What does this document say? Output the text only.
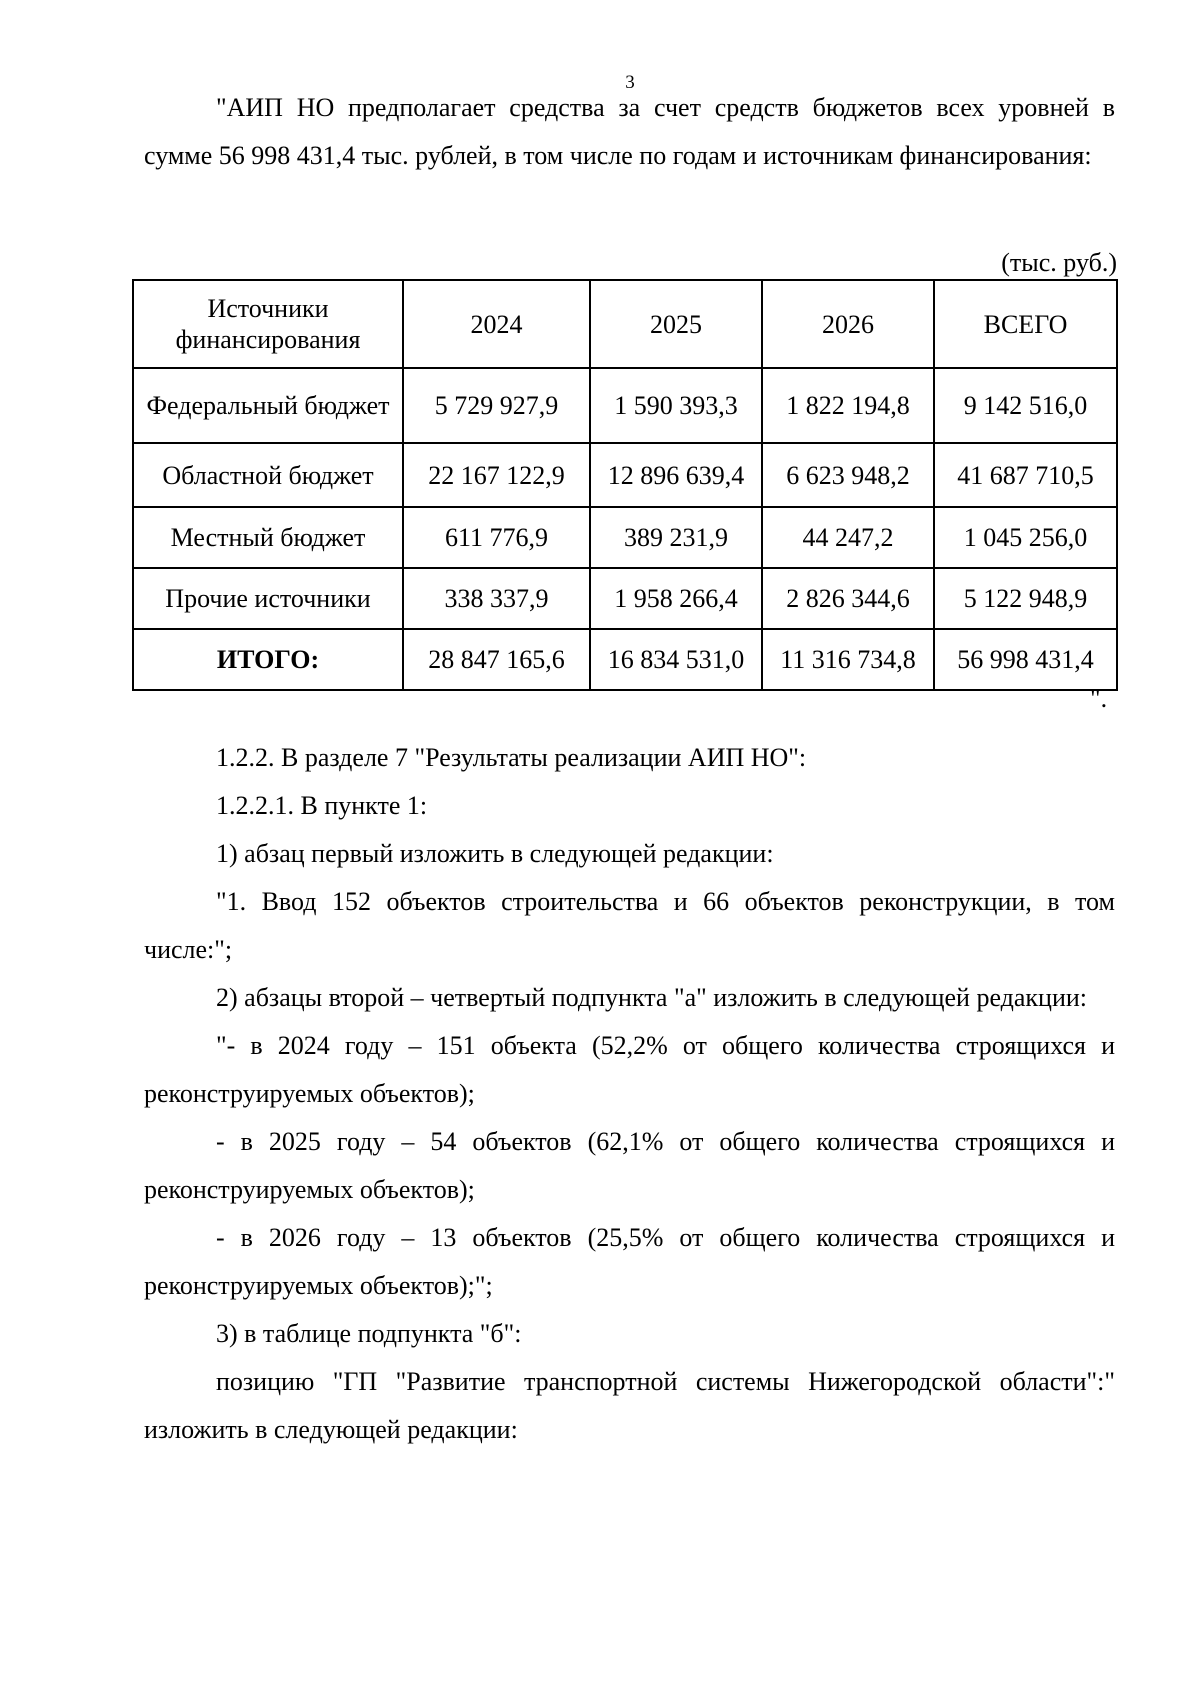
3

"АИП НО предполагает средства за счет средств бюджетов всех уровней в сумме 56 998 431,4 тыс. рублей, в том числе по годам и источникам финансирования:

(тыс. руб.)
Источники финансирования	2024	2025	2026	ВСЕГО
Федеральный бюджет	5 729 927,9	1 590 393,3	1 822 194,8	9 142 516,0
Областной бюджет	22 167 122,9	12 896 639,4	6 623 948,2	41 687 710,5
Местный бюджет	611 776,9	389 231,9	44 247,2	1 045 256,0
Прочие источники	338 337,9	1 958 266,4	2 826 344,6	5 122 948,9
ИТОГО:	28 847 165,6	16 834 531,0	11 316 734,8	56 998 431,4
".

1.2.2. В разделе 7 "Результаты реализации АИП НО":

1.2.2.1. В пункте 1:

1) абзац первый изложить в следующей редакции:

"1. Ввод 152 объектов строительства и 66 объектов реконструкции, в том числе:";

2) абзацы второй – четвертый подпункта "а" изложить в следующей редакции:

"- в 2024 году – 151 объекта (52,2% от общего количества строящихся и реконструируемых объектов);

- в 2025 году – 54 объектов (62,1% от общего количества строящихся и реконструируемых объектов);

- в 2026 году – 13 объектов (25,5% от общего количества строящихся и реконструируемых объектов);";

3) в таблице подпункта "б":

позицию "ГП "Развитие транспортной системы Нижегородской области":" изложить в следующей редакции:
